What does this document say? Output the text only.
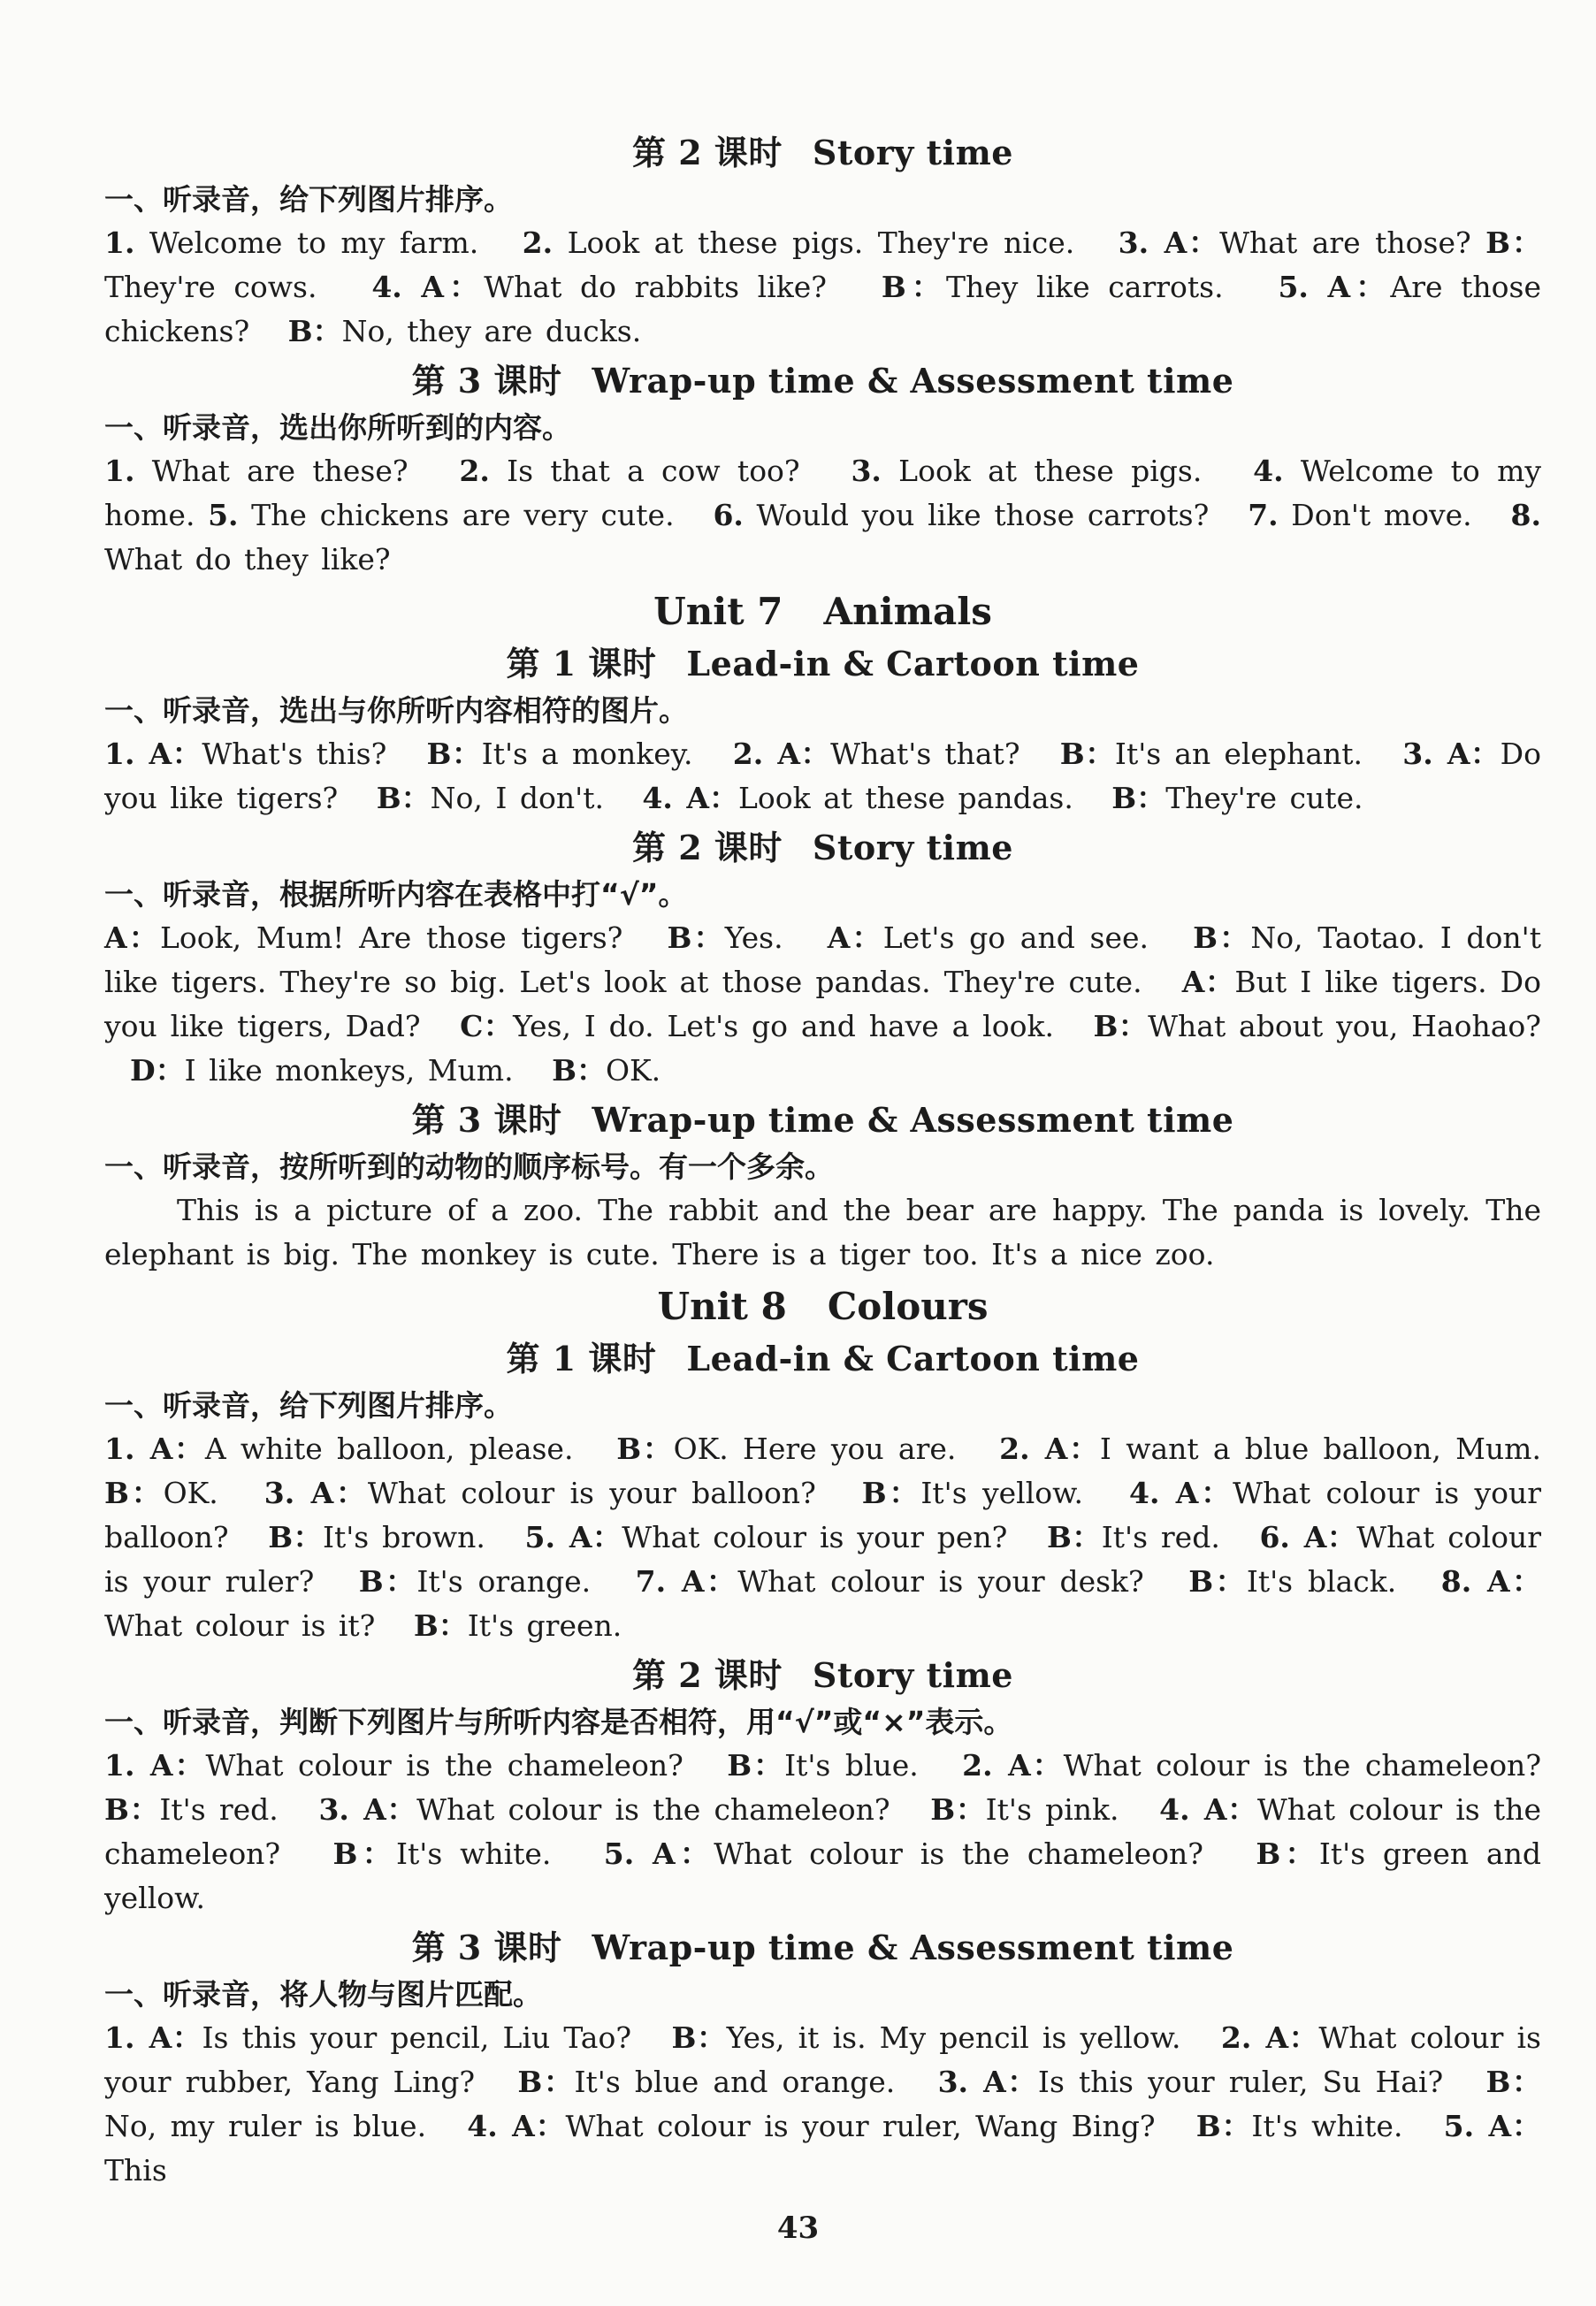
第 2 课时 Story time

一、听录音，给下列图片排序。

1. Welcome to my farm.   2. Look at these pigs. They're nice.   3. A：What are those? B：They're cows.   4. A：What do rabbits like?   B：They like carrots.   5. A：Are those chickens?   B：No, they are ducks.

第 3 课时 Wrap-up time & Assessment time

一、听录音，选出你所听到的内容。

1. What are these?   2. Is that a cow too?   3. Look at these pigs.   4. Welcome to my home. 5. The chickens are very cute.   6. Would you like those carrots?   7. Don't move.   8. What do they like?

Unit 7 Animals
第 1 课时 Lead-in & Cartoon time

一、听录音，选出与你所听内容相符的图片。

1. A：What's this?   B：It's a monkey.   2. A：What's that?   B：It's an elephant.   3. A：Do you like tigers?   B：No, I don't.   4. A：Look at these pandas.   B：They're cute.

第 2 课时 Story time

一、听录音，根据所听内容在表格中打“√”。

A：Look, Mum! Are those tigers?   B：Yes.   A：Let's go and see.   B：No, Taotao. I don't like tigers. They're so big. Let's look at those pandas. They're cute.   A：But I like tigers. Do you like tigers, Dad?   C：Yes, I do. Let's go and have a look.   B：What about you, Haohao?   D：I like monkeys, Mum.   B：OK.

第 3 课时 Wrap-up time & Assessment time

一、听录音，按所听到的动物的顺序标号。有一个多余。

This is a picture of a zoo. The rabbit and the bear are happy. The panda is lovely. The elephant is big. The monkey is cute. There is a tiger too. It's a nice zoo.

Unit 8 Colours
第 1 课时 Lead-in & Cartoon time

一、听录音，给下列图片排序。

1. A：A white balloon, please.   B：OK. Here you are.   2. A：I want a blue balloon, Mum. B：OK.   3. A：What colour is your balloon?   B：It's yellow.   4. A：What colour is your balloon?   B：It's brown.   5. A：What colour is your pen?   B：It's red.   6. A：What colour is your ruler?   B：It's orange.   7. A：What colour is your desk?   B：It's black.   8. A：What colour is it?   B：It's green.

第 2 课时 Story time

一、听录音，判断下列图片与所听内容是否相符，用“√”或“×”表示。

1. A：What colour is the chameleon?   B：It's blue.   2. A：What colour is the chameleon? B：It's red.   3. A：What colour is the chameleon?   B：It's pink.   4. A：What colour is the chameleon?   B：It's white.   5. A：What colour is the chameleon?   B：It's green and yellow.

第 3 课时 Wrap-up time & Assessment time

一、听录音，将人物与图片匹配。

1. A：Is this your pencil, Liu Tao?   B：Yes, it is. My pencil is yellow.   2. A：What colour is your rubber, Yang Ling?   B：It's blue and orange.   3. A：Is this your ruler, Su Hai?   B：No, my ruler is blue.   4. A：What colour is your ruler, Wang Bing?   B：It's white.   5. A：This

43
